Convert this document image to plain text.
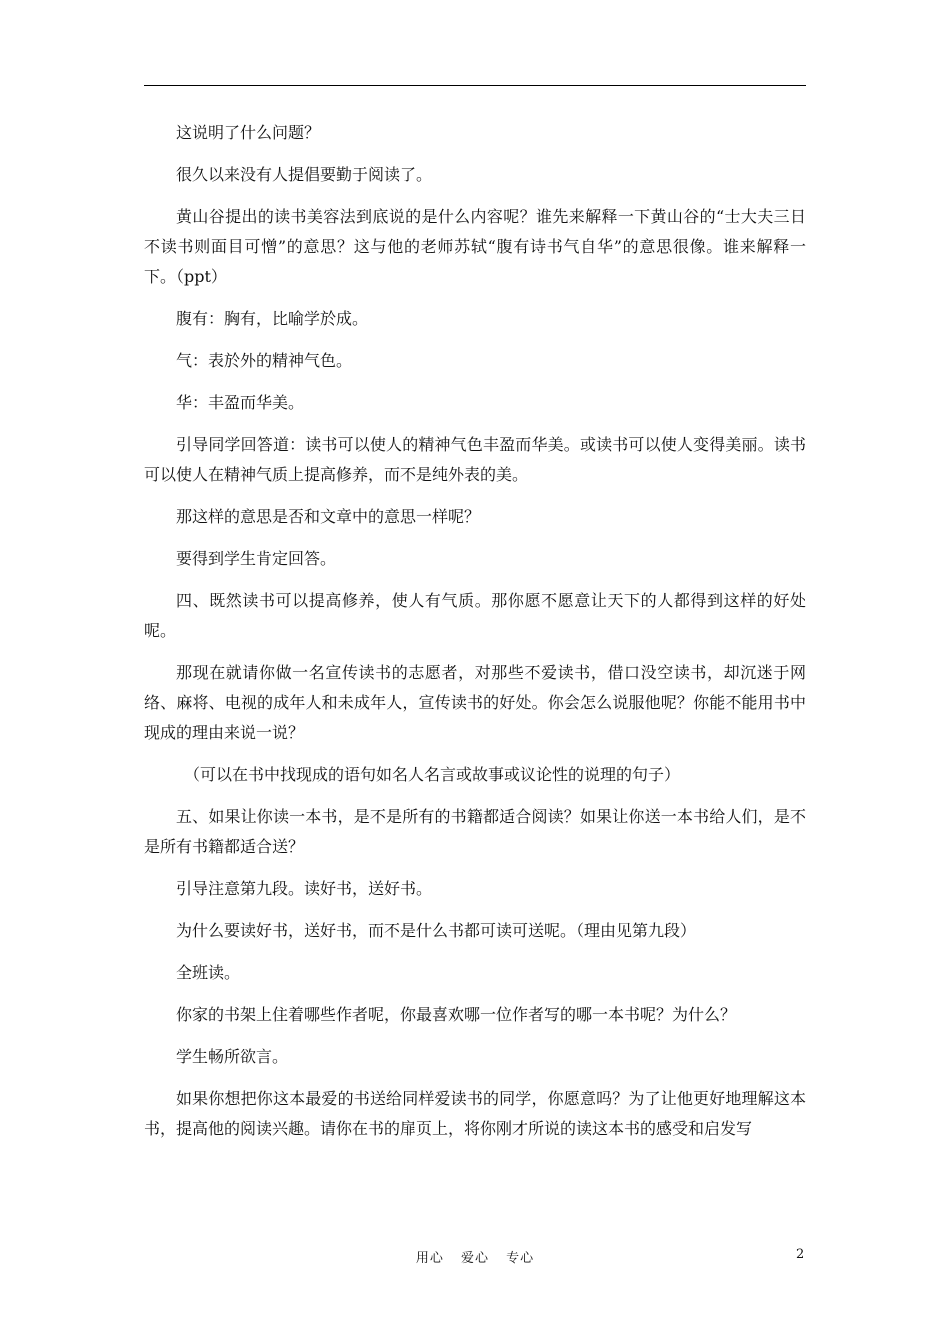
这说明了什么问题？

很久以来没有人提倡要勤于阅读了。

黄山谷提出的读书美容法到底说的是什么内容呢？谁先来解释一下黄山谷的“士大夫三日不读书则面目可憎”的意思？这与他的老师苏轼“腹有诗书气自华”的意思很像。谁来解释一下。（ppt）

腹有：胸有，比喻学於成。

气：表於外的精神气色。

华：丰盈而华美。

引导同学回答道：读书可以使人的精神气色丰盈而华美。或读书可以使人变得美丽。读书可以使人在精神气质上提高修养，而不是纯外表的美。

那这样的意思是否和文章中的意思一样呢？

要得到学生肯定回答。

四、既然读书可以提高修养，使人有气质。那你愿不愿意让天下的人都得到这样的好处呢。

那现在就请你做一名宣传读书的志愿者，对那些不爱读书，借口没空读书，却沉迷于网络、麻将、电视的成年人和未成年人，宣传读书的好处。你会怎么说服他呢？你能不能用书中现成的理由来说一说？

（可以在书中找现成的语句如名人名言或故事或议论性的说理的句子）

五、如果让你读一本书，是不是所有的书籍都适合阅读？如果让你送一本书给人们，是不是所有书籍都适合送？

引导注意第九段。读好书，送好书。

为什么要读好书，送好书，而不是什么书都可读可送呢。（理由见第九段）

全班读。

你家的书架上住着哪些作者呢，你最喜欢哪一位作者写的哪一本书呢？为什么？

学生畅所欲言。

如果你想把你这本最爱的书送给同样爱读书的同学，你愿意吗？为了让他更好地理解这本书，提高他的阅读兴趣。请你在书的扉页上，将你刚才所说的读这本书的感受和启发写

用心 爱心 专心	2
